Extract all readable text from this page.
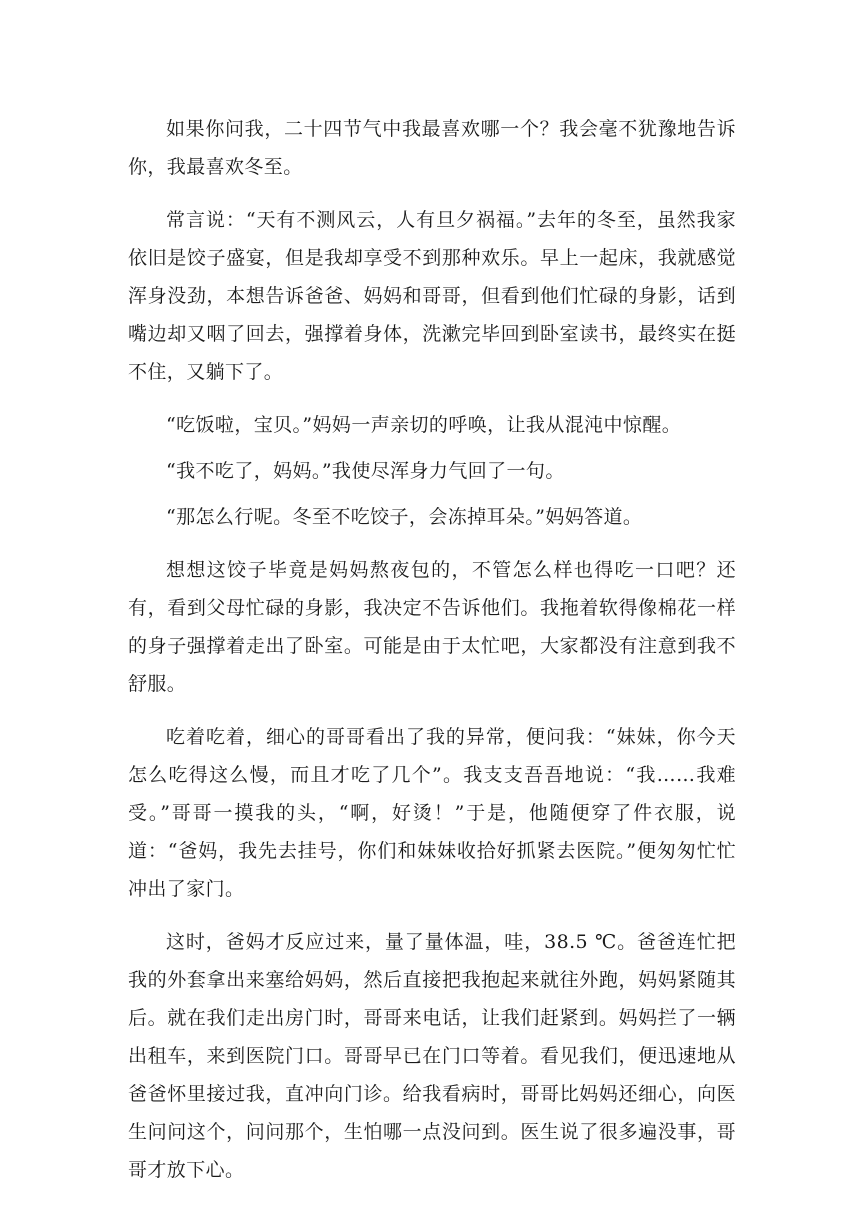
如果你问我，二十四节气中我最喜欢哪一个？我会毫不犹豫地告诉你，我最喜欢冬至。

常言说：“天有不测风云，人有旦夕祸福。”去年的冬至，虽然我家依旧是饺子盛宴，但是我却享受不到那种欢乐。早上一起床，我就感觉浑身没劲，本想告诉爸爸、妈妈和哥哥，但看到他们忙碌的身影，话到嘴边却又咽了回去，强撑着身体，洗漱完毕回到卧室读书，最终实在挺不住，又躺下了。

“吃饭啦，宝贝。”妈妈一声亲切的呼唤，让我从混沌中惊醒。

“我不吃了，妈妈。”我使尽浑身力气回了一句。

“那怎么行呢。冬至不吃饺子，会冻掉耳朵。”妈妈答道。

想想这饺子毕竟是妈妈熬夜包的，不管怎么样也得吃一口吧？还有，看到父母忙碌的身影，我决定不告诉他们。我拖着软得像棉花一样的身子强撑着走出了卧室。可能是由于太忙吧，大家都没有注意到我不舒服。

吃着吃着，细心的哥哥看出了我的异常，便问我：“妹妹，你今天怎么吃得这么慢，而且才吃了几个”。我支支吾吾地说：“我……我难受。”哥哥一摸我的头，“啊，好烫！”于是，他随便穿了件衣服，说道：“爸妈，我先去挂号，你们和妹妹收拾好抓紧去医院。”便匆匆忙忙冲出了家门。

这时，爸妈才反应过来，量了量体温，哇，38.5 ℃。爸爸连忙把我的外套拿出来塞给妈妈，然后直接把我抱起来就往外跑，妈妈紧随其后。就在我们走出房门时，哥哥来电话，让我们赶紧到。妈妈拦了一辆出租车，来到医院门口。哥哥早已在门口等着。看见我们，便迅速地从爸爸怀里接过我，直冲向门诊。给我看病时，哥哥比妈妈还细心，向医生问问这个，问问那个，生怕哪一点没问到。医生说了很多遍没事，哥哥才放下心。
